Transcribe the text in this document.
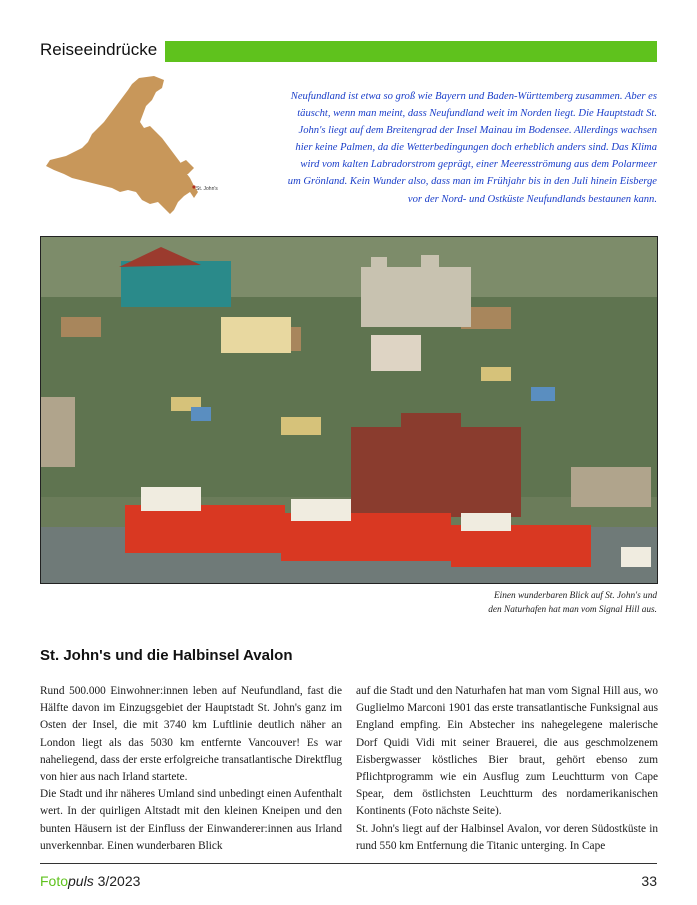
Reiseeindrücke
St. John's

Neufundland ist etwa so groß wie Bayern und Baden-Württemberg zusammen. Aber es täuscht, wenn man meint, dass Neufundland weit im Norden liegt. Die Hauptstadt St. John's liegt auf dem Breitengrad der Insel Mainau im Bodensee. Allerdings wachsen hier keine Palmen, da die Wetterbedingungen doch erheblich anders sind. Das Klima wird vom kalten Labradorstrom geprägt, einer Meeresströmung aus dem Polarmeer um Grönland. Kein Wunder also, dass man im Frühjahr bis in den Juli hinein Eisberge vor der Nord- und Ostküste Neufundlands bestaunen kann.

Einen wunderbaren Blick auf St. John's und
den Naturhafen hat man vom Signal Hill aus.
St. John's und die Halbinsel Avalon

Rund 500.000 Einwohner:innen leben auf Neufundland, fast die Hälfte davon im Einzugsgebiet der Hauptstadt St. John's ganz im Osten der Insel, die mit 3740 km Luftlinie deutlich näher an London liegt als das 5030 km entfernte Vancouver! Es war naheliegend, dass der erste erfolgreiche transatlantische Direktflug von hier aus nach Irland startete.

Die Stadt und ihr näheres Umland sind unbedingt einen Aufenthalt wert. In der quirligen Altstadt mit den kleinen Kneipen und den bunten Häusern ist der Einfluss der Einwanderer:innen aus Irland unverkennbar. Einen wunderbaren Blick

auf die Stadt und den Naturhafen hat man vom Signal Hill aus, wo Guglielmo Marconi 1901 das erste transatlantische Funksignal aus England empfing. Ein Abstecher ins nahegelegene malerische Dorf Quidi Vidi mit seiner Brauerei, die aus geschmolzenem Eisbergwasser köstliches Bier braut, gehört ebenso zum Pflichtprogramm wie ein Ausflug zum Leuchtturm von Cape Spear, dem östlichsten Leuchtturm des nordamerikanischen Kontinents (Foto nächste Seite).

St. John's liegt auf der Halbinsel Avalon, vor deren Südostküste in rund 550 km Entfernung die Titanic unterging. In Cape

Fotopuls 3/2023	33
